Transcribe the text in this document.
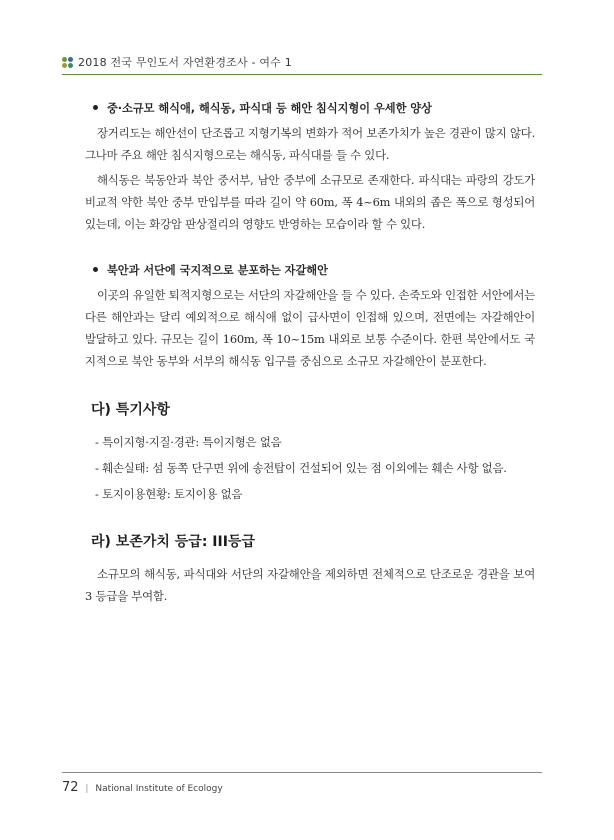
2018 전국 무인도서 자연환경조사 - 여수 1
중·소규모 해식애, 해식동, 파식대 등 해안 침식지형이 우세한 양상

장거리도는 해안선이 단조롭고 지형기복의 변화가 적어 보존가치가 높은 경관이 많지 않다. 그나마 주요 해안 침식지형으로는 해식동, 파식대를 들 수 있다.

해식동은 북동안과 북안 중서부, 남안 중부에 소규모로 존재한다. 파식대는 파랑의 강도가 비교적 약한 북안 중부 만입부를 따라 길이 약 60m, 폭 4~6m 내외의 좁은 폭으로 형성되어 있는데, 이는 화강암 판상절리의 영향도 반영하는 모습이라 할 수 있다.

북안과 서단에 국지적으로 분포하는 자갈해안

이곳의 유일한 퇴적지형으로는 서단의 자갈해안을 들 수 있다. 손죽도와 인접한 서안에서는 다른 해안과는 달리 예외적으로 해식애 없이 급사면이 인접해 있으며, 전면에는 자갈해안이 발달하고 있다. 규모는 길이 160m, 폭 10~15m 내외로 보통 수준이다. 한편 북안에서도 국지적으로 북안 동부와 서부의 해식동 입구를 중심으로 소규모 자갈해안이 분포한다.

다) 특기사항
- 특이지형·지질·경관: 특이지형은 없음
- 훼손실태: 섬 동쪽 단구면 위에 송전탑이 건설되어 있는 점 이외에는 훼손 사항 없음.
- 토지이용현황: 토지이용 없음
라) 보존가치 등급: III등급

소규모의 해식동, 파식대와 서단의 자갈해안을 제외하면 전체적으로 단조로운 경관을 보여 3 등급을 부여함.

72 | National Institute of Ecology
